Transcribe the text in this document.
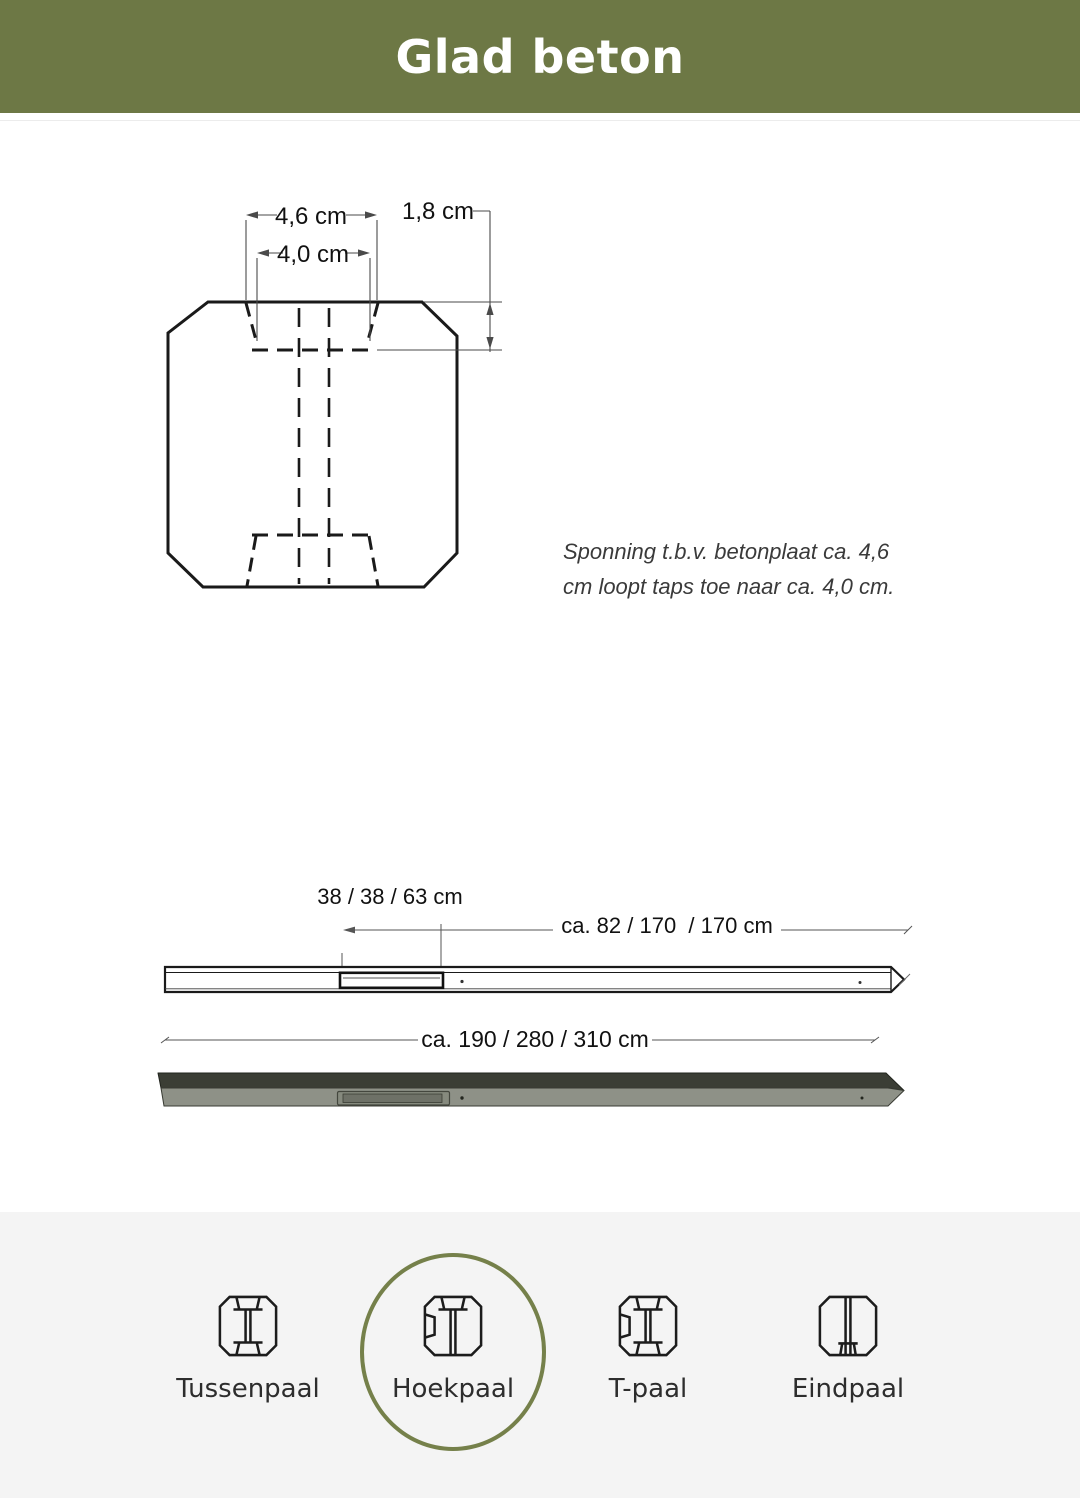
Glad beton
4,6 cm
4,0 cm
1,8 cm

Sponning t.b.v. betonplaat ca. 4,6
cm loopt taps toe naar ca. 4,0 cm.

38 / 38 / 63 cm
ca. 82 / 170  / 170 cm
ca. 190 / 280 / 310 cm
Tussenpaal	Hoekpaal	T-paal	Eindpaal
